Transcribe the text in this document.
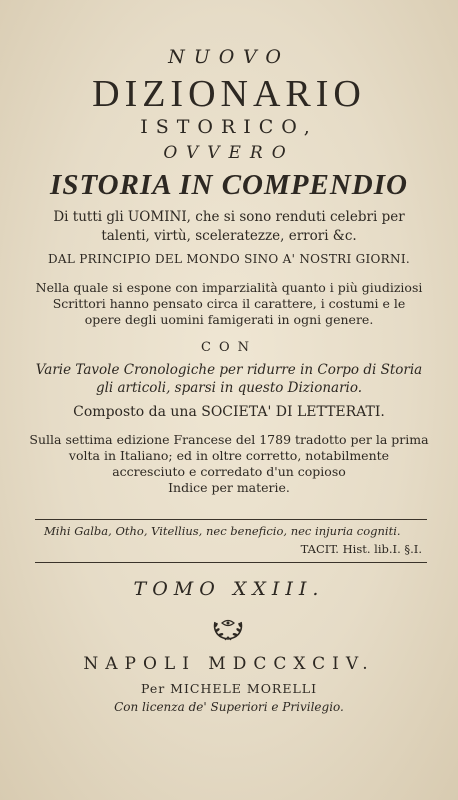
NUOVO
DIZIONARIO
ISTORICO,
OVVERO
ISTORIA IN COMPENDIO
Di tutti gli UOMINI, che si sono renduti celebri per
talenti, virtù, sceleratezze, errori &c.
DAL PRINCIPIO DEL MONDO SINO A' NOSTRI GIORNI.
Nella quale si espone con imparzialità quanto i più giudiziosi
Scrittori hanno pensato circa il carattere, i costumi e le
opere degli uomini famigerati in ogni genere.
CON
Varie Tavole Cronologiche per ridurre in Corpo di Storia
gli articoli, sparsi in questo Dizionario.
Composto da una SOCIETA' DI LETTERATI.
Sulla settima edizione Francese del 1789 tradotto per la prima
volta in Italiano; ed in oltre corretto, notabilmente
accresciuto e corredato d'un copioso
Indice per materie.
Mihi Galba, Otho, Vitellius, nec beneficio, nec injuria cogniti.
TACIT. Hist. lib.I. §.I.
TOMO XXIII.
NAPOLI MDCCXCIV.
Per MICHELE MORELLI
Con licenza de' Superiori e Privilegio.
